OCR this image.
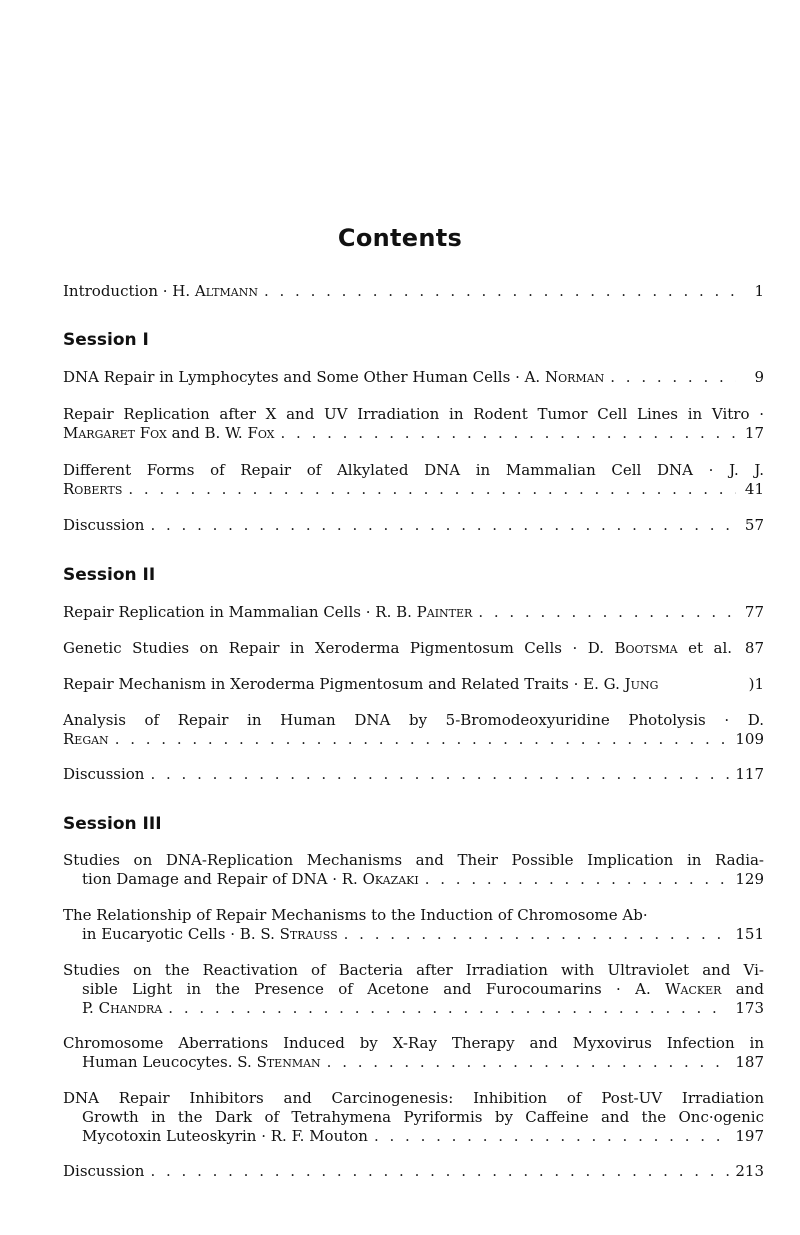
Contents
Introduction · H. Altmann . . .	1
Session I
DNA Repair in Lymphocytes and Some Other Human Cells · A. Norman . . .	9
Repair Replication after X and UV Irradiation in Rodent Tumor Cell Lines in Vitro ·
Margaret Fox and B. W. Fox . . .	17
Different Forms of Repair of Alkylated DNA in Mammalian Cell DNA · J. J.
Roberts . . .	41
Discussion . . .	57
Session II
Repair Replication in Mammalian Cells · R. B. Painter . . .	77
Genetic Studies on Repair in Xeroderma Pigmentosum Cells · D. Bootsma et al. 87
Repair Mechanism in Xeroderma Pigmentosum and Related Traits · E. G. Jung	)1
Analysis of Repair in Human DNA by 5-Bromodeoxyuridine Photolysis · D.
Regan . . .	109
Discussion . . .	117
Session III
Studies on DNA-Replication Mechanisms and Their Possible Implication in Radia-
tion Damage and Repair of DNA · R. Okazaki . . .	129
The Relationship of Repair Mechanisms to the Induction of Chromosome Ab·
in Eucaryotic Cells · B. S. Strauss . . .	151
Studies on the Reactivation of Bacteria after Irradiation with Ultraviolet and Vi-
sible Light in the Presence of Acetone and Furocoumarins · A. Wacker and
P. Chandra . . .	173
Chromosome Aberrations Induced by X-Ray Therapy and Myxovirus Infection in
Human Leucocytes. S. Stenman . . .	187
DNA Repair Inhibitors and Carcinogenesis: Inhibition of Post-UV Irradiation
Growth in the Dark of Tetrahymena Pyriformis by Caffeine and the Onc·ogenic
Mycotoxin Luteoskyrin · R. F. Mouton . . .	197
Discussion . . .	213
